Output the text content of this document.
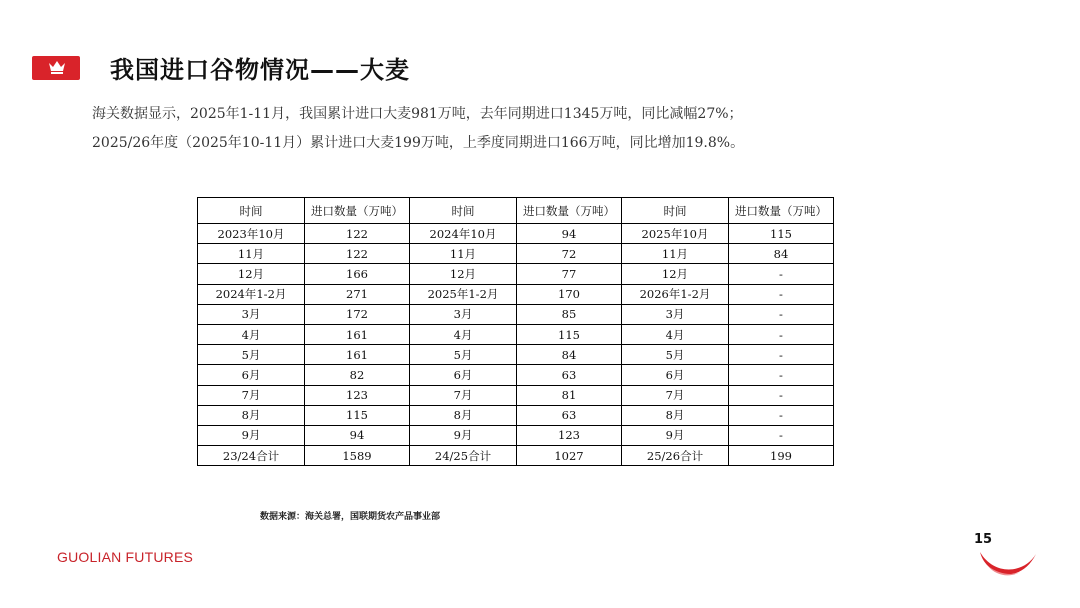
我国进口谷物情况——大麦
海关数据显示，2025年1-11月，我国累计进口大麦981万吨，去年同期进口1345万吨，同比减幅27%；
2025/26年度（2025年10-11月）累计进口大麦199万吨，上季度同期进口166万吨，同比增加19.8%。
时间	进口数量（万吨）	时间	进口数量（万吨）	时间	进口数量（万吨）
2023年10月	122	2024年10月	94	2025年10月	115
11月	122	11月	72	11月	84
12月	166	12月	77	12月	-
2024年1-2月	271	2025年1-2月	170	2026年1-2月	-
3月	172	3月	85	3月	-
4月	161	4月	115	4月	-
5月	161	5月	84	5月	-
6月	82	6月	63	6月	-
7月	123	7月	81	7月	-
8月	115	8月	63	8月	-
9月	94	9月	123	9月	-
23/24合计	1589	24/25合计	1027	25/26合计	199
数据来源：海关总署，国联期货农产品事业部
15
GUOLIAN FUTURES
